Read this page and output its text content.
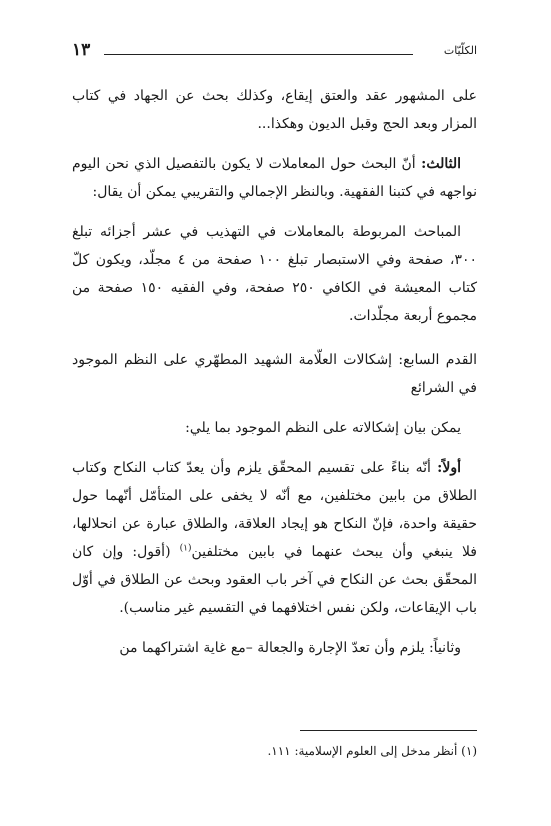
١٣	الكلّيّات

على المشهور عقد والعتق إيقاع، وكذلك بحث عن الجهاد في كتاب المزار وبعد الحج وقبل الديون وهكذا...

الثالث: أنّ البحث حول المعاملات لا يكون بالتفصيل الذي نحن اليوم نواجهه في كتبنا الفقهية. وبالنظر الإجمالي والتقريبي يمكن أن يقال:

المباحث المربوطة بالمعاملات في التهذيب في عشر أجزائه تبلغ ٣٠٠، صفحة وفي الاستبصار تبلغ ١٠٠ صفحة من ٤ مجلّد، ويكون كلّ كتاب المعيشة في الكافي ٢٥٠ صفحة، وفي الفقيه ١٥٠ صفحة من مجموع أربعة مجلّدات.

القدم السابع: إشكالات العلّامة الشهيد المطهّري على النظم الموجود في الشرائع

يمكن بيان إشكالاته على النظم الموجود بما يلي:

أولاً: أنّه بناءً على تقسيم المحقّق يلزم وأن يعدّ كتاب النكاح وكتاب الطلاق من بابين مختلفين، مع أنّه لا يخفى على المتأمّل أنّهما حول حقيقة واحدة، فإنّ النكاح هو إيجاد العلاقة، والطلاق عبارة عن انحلالها، فلا ينبغي وأن يبحث عنهما في بابين مختلفين$^{(١)}$ (أقول: وإن كان المحقّق بحث عن النكاح في آخر باب العقود وبحث عن الطلاق في أوّل باب الإيقاعات، ولكن نفس اختلافهما في التقسيم غير مناسب).

وثانياً: يلزم وأن تعدّ الإجارة والجعالة –مع غاية اشتراكهما من

(١) أنظر مدخل إلى العلوم الإسلامية: ١١١.
